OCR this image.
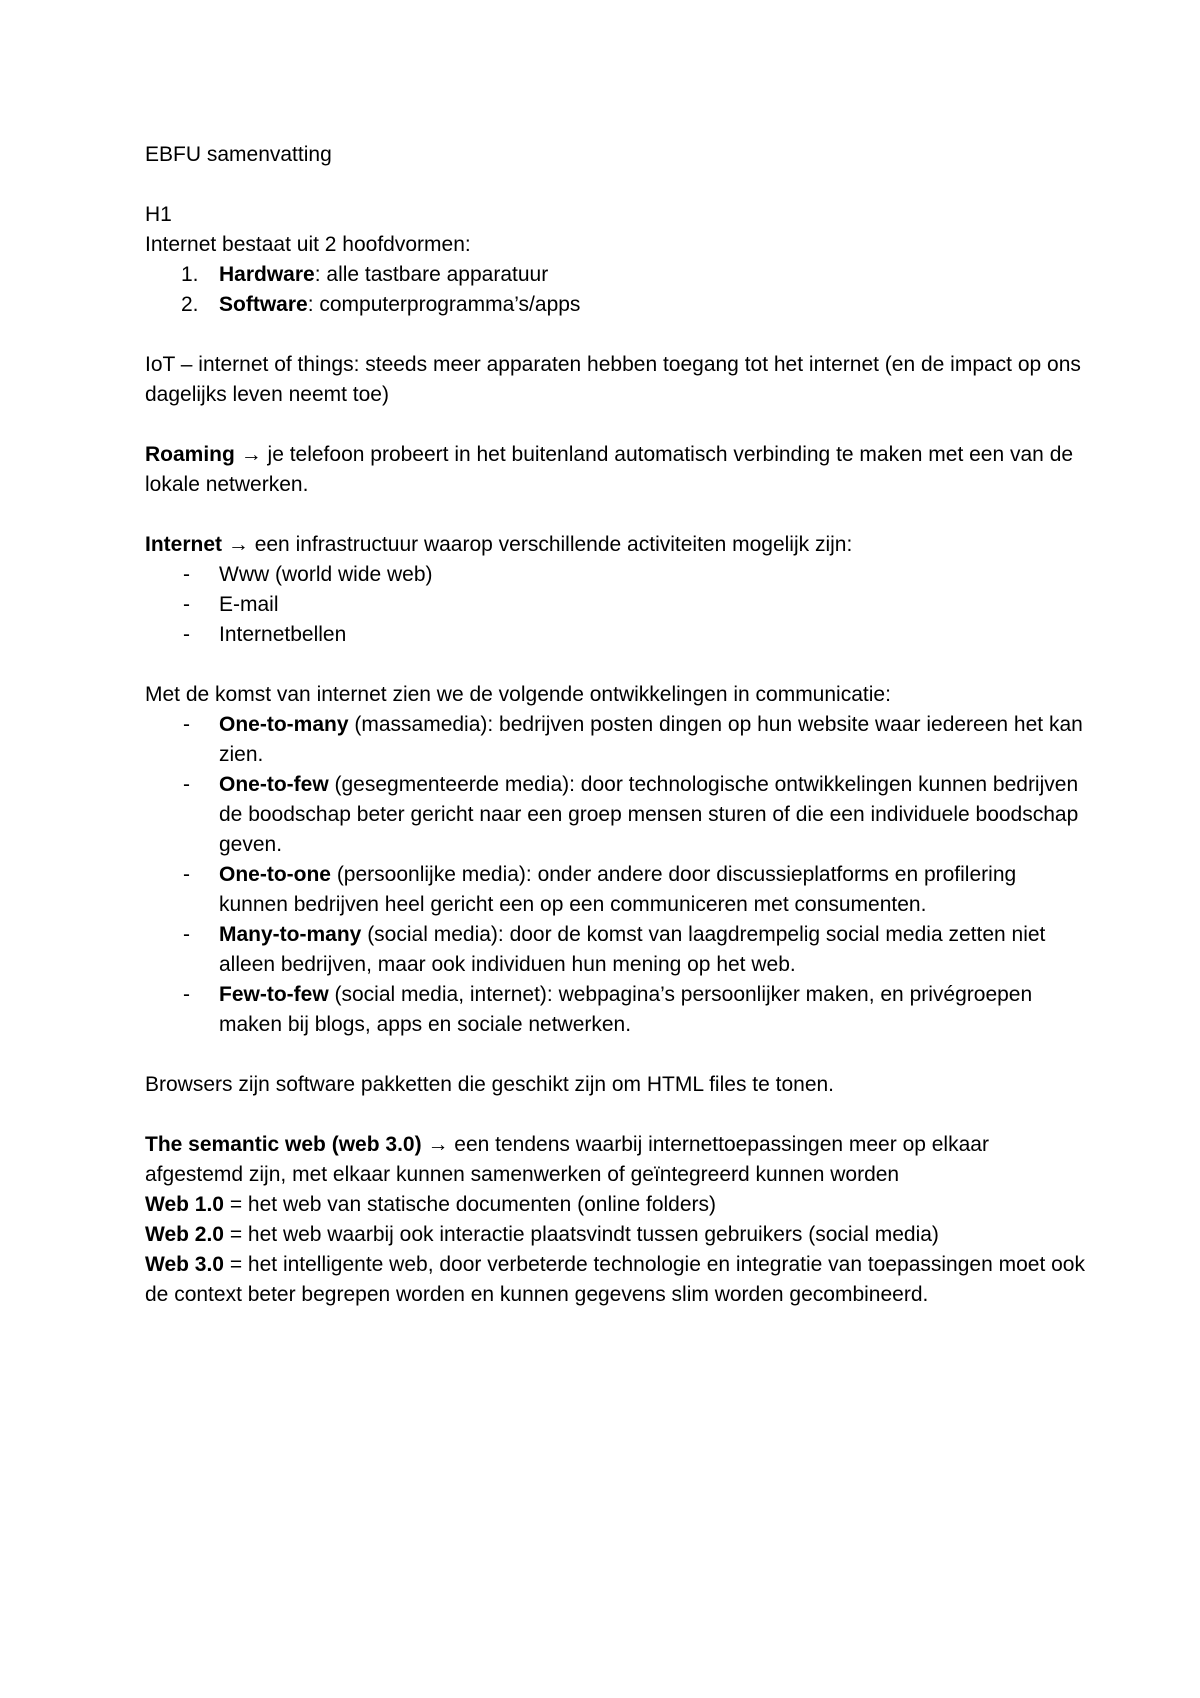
EBFU samenvatting

H1

Internet bestaat uit 2 hoofdvormen:

1. Hardware: alle tastbare apparatuur
2. Software: computerprogramma’s/apps

IoT – internet of things: steeds meer apparaten hebben toegang tot het internet (en de impact op ons dagelijks leven neemt toe)

Roaming → je telefoon probeert in het buitenland automatisch verbinding te maken met een van de lokale netwerken.

Internet → een infrastructuur waarop verschillende activiteiten mogelijk zijn:

-	Www (world wide web)
-	E-mail
-	Internetbellen

Met de komst van internet zien we de volgende ontwikkelingen in communicatie:

-	One-to-many (massamedia): bedrijven posten dingen op hun website waar iedereen het kan zien.
-	One-to-few (gesegmenteerde media): door technologische ontwikkelingen kunnen bedrijven de boodschap beter gericht naar een groep mensen sturen of die een individuele boodschap geven.
-	One-to-one (persoonlijke media): onder andere door discussieplatforms en profilering kunnen bedrijven heel gericht een op een communiceren met consumenten.
-	Many-to-many (social media): door de komst van laagdrempelig social media zetten niet alleen bedrijven, maar ook individuen hun mening op het web.
-	Few-to-few (social media, internet): webpagina’s persoonlijker maken, en privégroepen maken bij blogs, apps en sociale netwerken.

Browsers zijn software pakketten die geschikt zijn om HTML files te tonen.

The semantic web (web 3.0) → een tendens waarbij internettoepassingen meer op elkaar afgestemd zijn, met elkaar kunnen samenwerken of geïntegreerd kunnen worden

Web 1.0 = het web van statische documenten (online folders)

Web 2.0 = het web waarbij ook interactie plaatsvindt tussen gebruikers (social media)

Web 3.0 = het intelligente web, door verbeterde technologie en integratie van toepassingen moet ook de context beter begrepen worden en kunnen gegevens slim worden gecombineerd.
